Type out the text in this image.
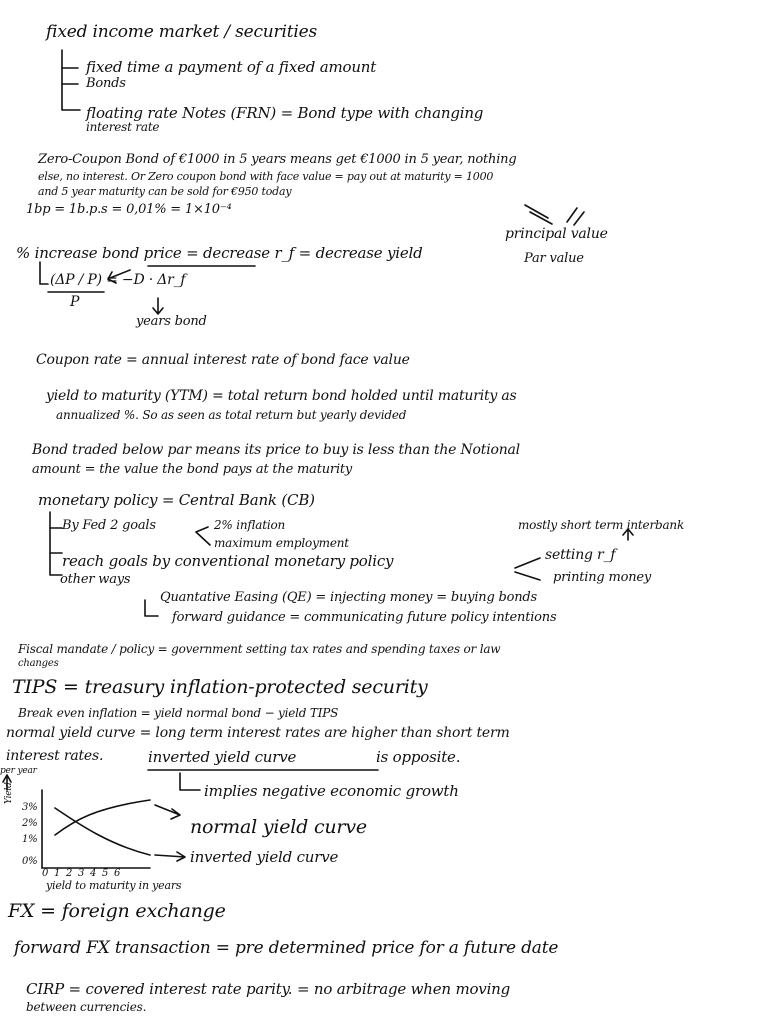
fixed income market / securities
fixed time a payment of a fixed amount
Bonds
floating rate Notes (FRN) = Bond type with changing
interest rate
Zero-Coupon Bond of €1000 in 5 years means get €1000 in 5 year, nothing
else, no interest. Or Zero coupon bond with face value = pay out at maturity = 1000
and 5 year maturity can be sold for €950 today
1bp = 1b.p.s = 0,01% = 1×10⁻⁴
principal value
Par value
% increase bond price = decrease r_f = decrease yield
(ΔP / P) = −D · Δr_f
P
years bond
Coupon rate = annual interest rate of bond face value
yield to maturity (YTM) = total return bond holded until maturity as
annualized %. So as seen as total return but yearly devided
Bond traded below par means its price to buy is less than the Notional
amount = the value the bond pays at the maturity
monetary policy = Central Bank (CB)
By Fed 2 goals	2% inflation
maximum employment
mostly short term interbank
reach goals by conventional monetary policy	setting r_f
printing money
other ways
Quantative Easing (QE) = injecting money = buying bonds
forward guidance = communicating future policy intentions
Fiscal mandate / policy = government setting tax rates and spending taxes or law
changes
TIPS = treasury inflation-protected security
Break even inflation = yield normal bond − yield TIPS
normal yield curve = long term interest rates are higher than short term
interest rates.	inverted yield curve	is opposite.
implies negative economic growth
per year
Yield
3%
2%
1%
0%
0 1 2 3 4 5 6
yield to maturity in years
normal yield curve
inverted yield curve
FX = foreign exchange
forward FX transaction = pre determined price for a future date
CIRP = covered interest rate parity. = no arbitrage when moving
between currencies.
